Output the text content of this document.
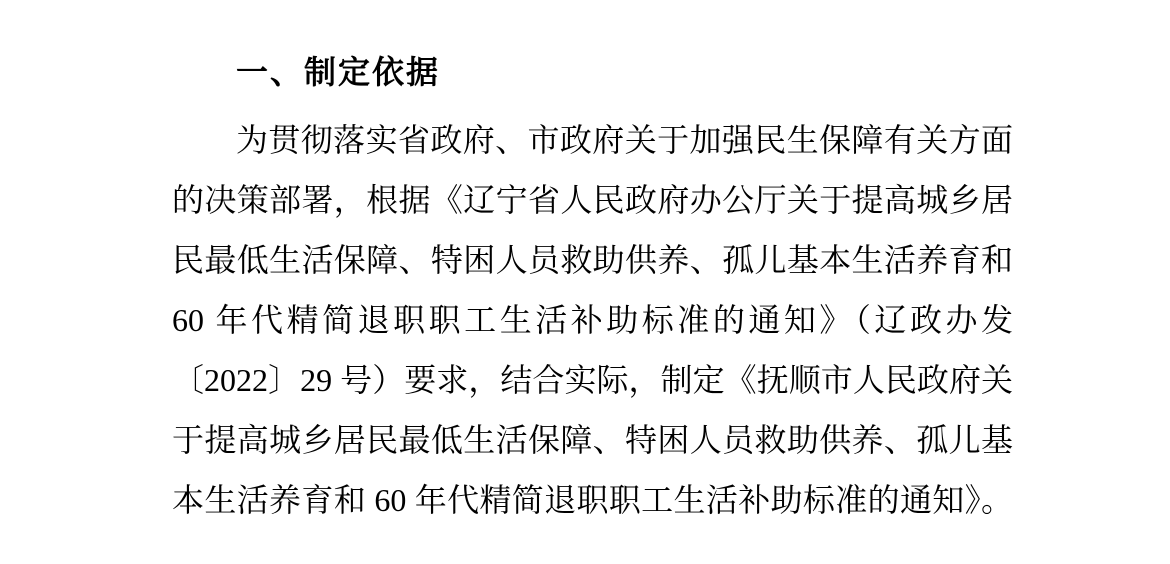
一、制定依据
为贯彻落实省政府、市政府关于加强民生保障有关方面
的决策部署，根据《辽宁省人民政府办公厅关于提高城乡居
民最低生活保障、特困人员救助供养、孤儿基本生活养育和
60 年代精简退职职工生活补助标准的通知》（辽政办发
〔2022〕29 号）要求，结合实际，制定《抚顺市人民政府关
于提高城乡居民最低生活保障、特困人员救助供养、孤儿基
本生活养育和 60 年代精简退职职工生活补助标准的通知》。
